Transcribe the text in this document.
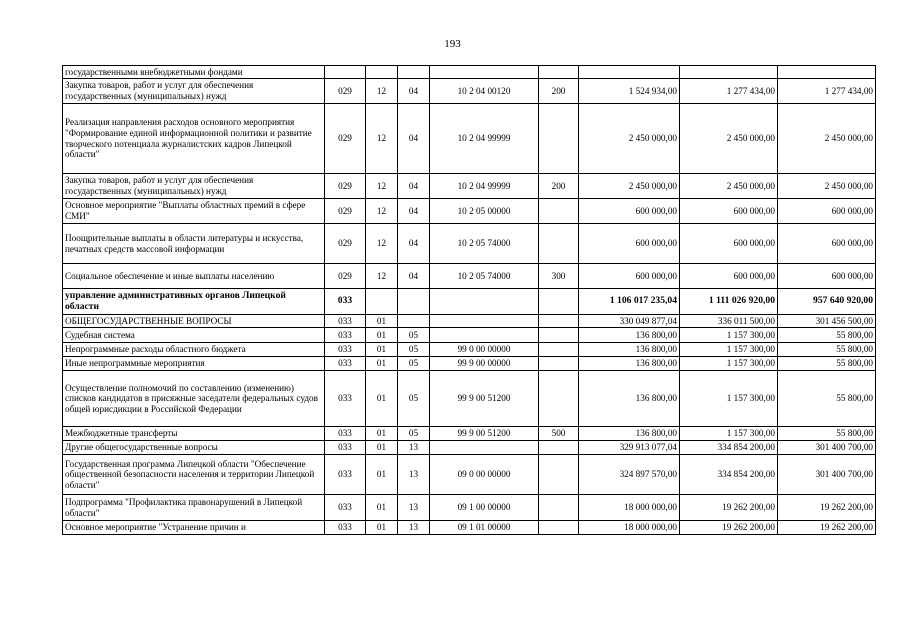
193
государственными внебюджетными фондами								
Закупка товаров, работ и услуг для обеспечения государственных (муниципальных) нужд	029	12	04	10 2 04 00120	200	1 524 934,00	1 277 434,00	1 277 434,00
Реализация направления расходов основного мероприятия "Формирование единой информационной политики и развитие творческого потенциала журналистских кадров Липецкой области"	029	12	04	10 2 04 99999		2 450 000,00	2 450 000,00	2 450 000,00
Закупка товаров, работ и услуг для обеспечения государственных (муниципальных) нужд	029	12	04	10 2 04 99999	200	2 450 000,00	2 450 000,00	2 450 000,00
Основное мероприятие "Выплаты областных премий в сфере СМИ"	029	12	04	10 2 05 00000		600 000,00	600 000,00	600 000,00
Поощрительные выплаты в области литературы и искусства, печатных средств массовой информации	029	12	04	10 2 05 74000		600 000,00	600 000,00	600 000,00
Социальное обеспечение и иные выплаты населению	029	12	04	10 2 05 74000	300	600 000,00	600 000,00	600 000,00
управление административных органов Липецкой области	033					1 106 017 235,04	1 111 026 920,00	957 640 920,00
ОБЩЕГОСУДАРСТВЕННЫЕ ВОПРОСЫ	033	01				330 049 877,04	336 011 500,00	301 456 500,00
Судебная система	033	01	05			136 800,00	1 157 300,00	55 800,00
Непрограммные расходы областного бюджета	033	01	05	99 0 00 00000		136 800,00	1 157 300,00	55 800,00
Иные непрограммные мероприятия	033	01	05	99 9 00 00000		136 800,00	1 157 300,00	55 800,00
Осуществление полномочий по составлению (изменению) списков кандидатов в присяжные заседатели федеральных судов общей юрисдикции в Российской Федерации	033	01	05	99 9 00 51200		136 800,00	1 157 300,00	55 800,00
Межбюджетные трансферты	033	01	05	99 9 00 51200	500	136 800,00	1 157 300,00	55 800,00
Другие общегосударственные вопросы	033	01	13			329 913 077,04	334 854 200,00	301 400 700,00
Государственная программа Липецкой области "Обеспечение общественной безопасности населения и территории Липецкой области"	033	01	13	09 0 00 00000		324 897 570,00	334 854 200,00	301 400 700,00
Подпрограмма "Профилактика правонарушений в Липецкой области"	033	01	13	09 1 00 00000		18 000 000,00	19 262 200,00	19 262 200,00
Основное мероприятие "Устранение причин и	033	01	13	09 1 01 00000		18 000 000,00	19 262 200,00	19 262 200,00
